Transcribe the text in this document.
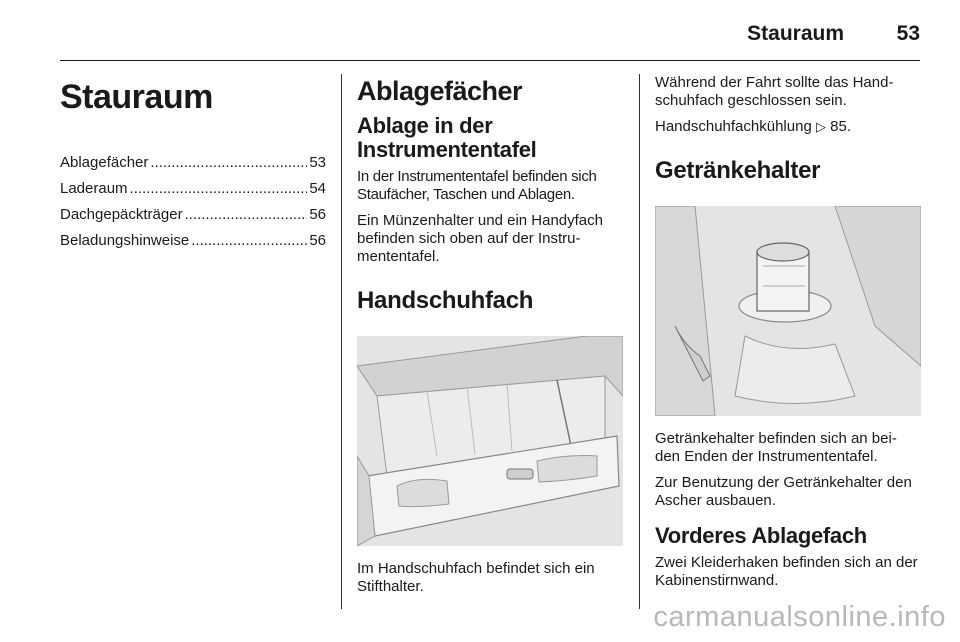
Stauraum	53
Stauraum
Ablagefächer .....	53
Laderaum .....	54
Dachgepäckträger .....	56
Beladungshinweise .....	56
Ablagefächer
Ablage in der Instrumententafel

In der Instrumententafel befinden sich Staufächer, Taschen und Ablagen.

Ein Münzenhalter und ein Handyfach befinden sich oben auf der Instru-mententafel.

Handschuhfach

Im Handschuhfach befindet sich ein Stifthalter.

Während der Fahrt sollte das Hand-schuhfach geschlossen sein.

Handschuhfachkühlung ▷ 85.

Getränkehalter

Getränkehalter befinden sich an bei-den Enden der Instrumententafel.

Zur Benutzung der Getränkehalter den Ascher ausbauen.

Vorderes Ablagefach

Zwei Kleiderhaken befinden sich an der Kabinenstirnwand.

carmanualsonline.info
